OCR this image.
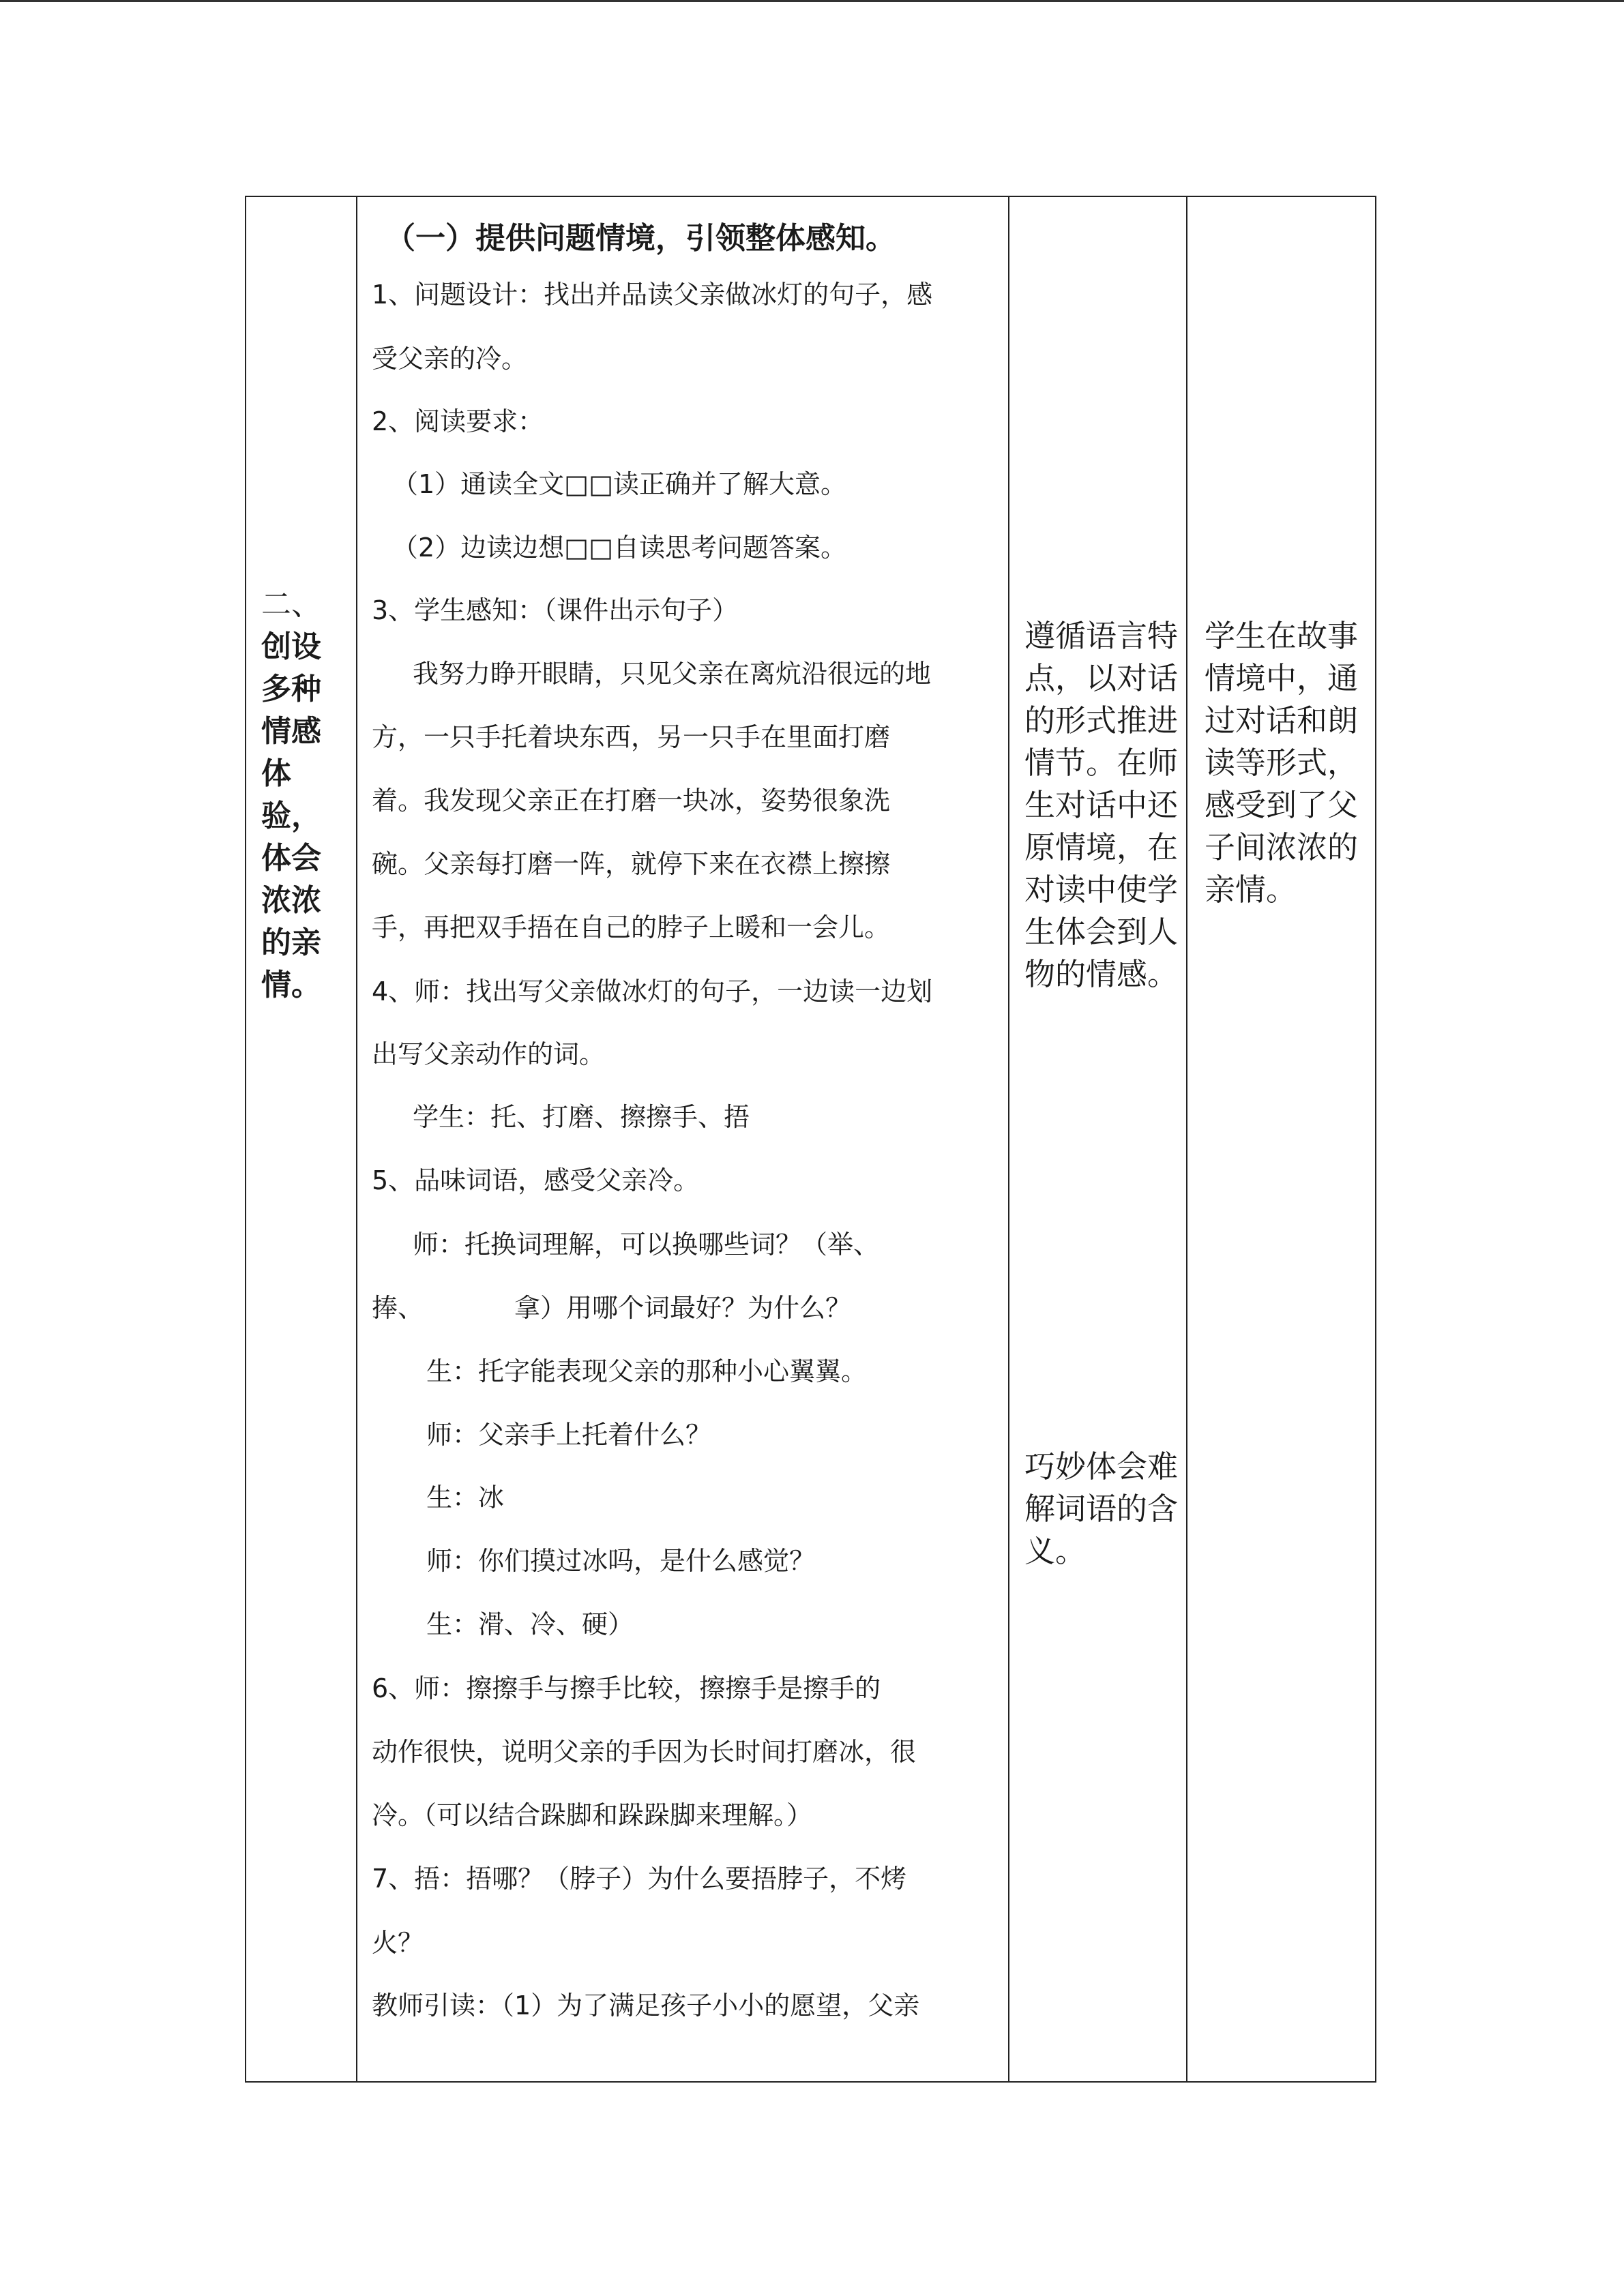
二、
创设多种情感体验，体会浓浓的亲情。
（一）提供问题情境，引领整体感知。
1、问题设计：找出并品读父亲做冰灯的句子，感
受父亲的冷。
2、阅读要求：
（1）通读全文□□读正确并了解大意。
（2）边读边想□□自读思考问题答案。
3、学生感知：（课件出示句子）
我努力睁开眼睛，只见父亲在离炕沿很远的地
方，一只手托着块东西，另一只手在里面打磨
着。我发现父亲正在打磨一块冰，姿势很象洗
碗。父亲每打磨一阵，就停下来在衣襟上擦擦
手，再把双手捂在自己的脖子上暖和一会儿。
4、师：找出写父亲做冰灯的句子，一边读一边划
出写父亲动作的词。
学生：托、打磨、擦擦手、捂
5、品味词语，感受父亲冷。
师：托换词理解，可以换哪些词？（举、
捧、　　　　拿）用哪个词最好？为什么？
生：托字能表现父亲的那种小心翼翼。
师：父亲手上托着什么？
生：冰
师：你们摸过冰吗，是什么感觉？
生：滑、冷、硬）
6、师：擦擦手与擦手比较，擦擦手是擦手的
动作很快，说明父亲的手因为长时间打磨冰，很
冷。（可以结合跺脚和跺跺脚来理解。）
7、捂：捂哪？（脖子）为什么要捂脖子，不烤
火？
教师引读：（1）为了满足孩子小小的愿望，父亲
遵循语言特点，以对话的形式推进情节。在师生对话中还原情境，在对读中使学生体会到人物的情感。
巧妙体会难解词语的含义。
学生在故事情境中，通过对话和朗读等形式，感受到了父子间浓浓的亲情。
